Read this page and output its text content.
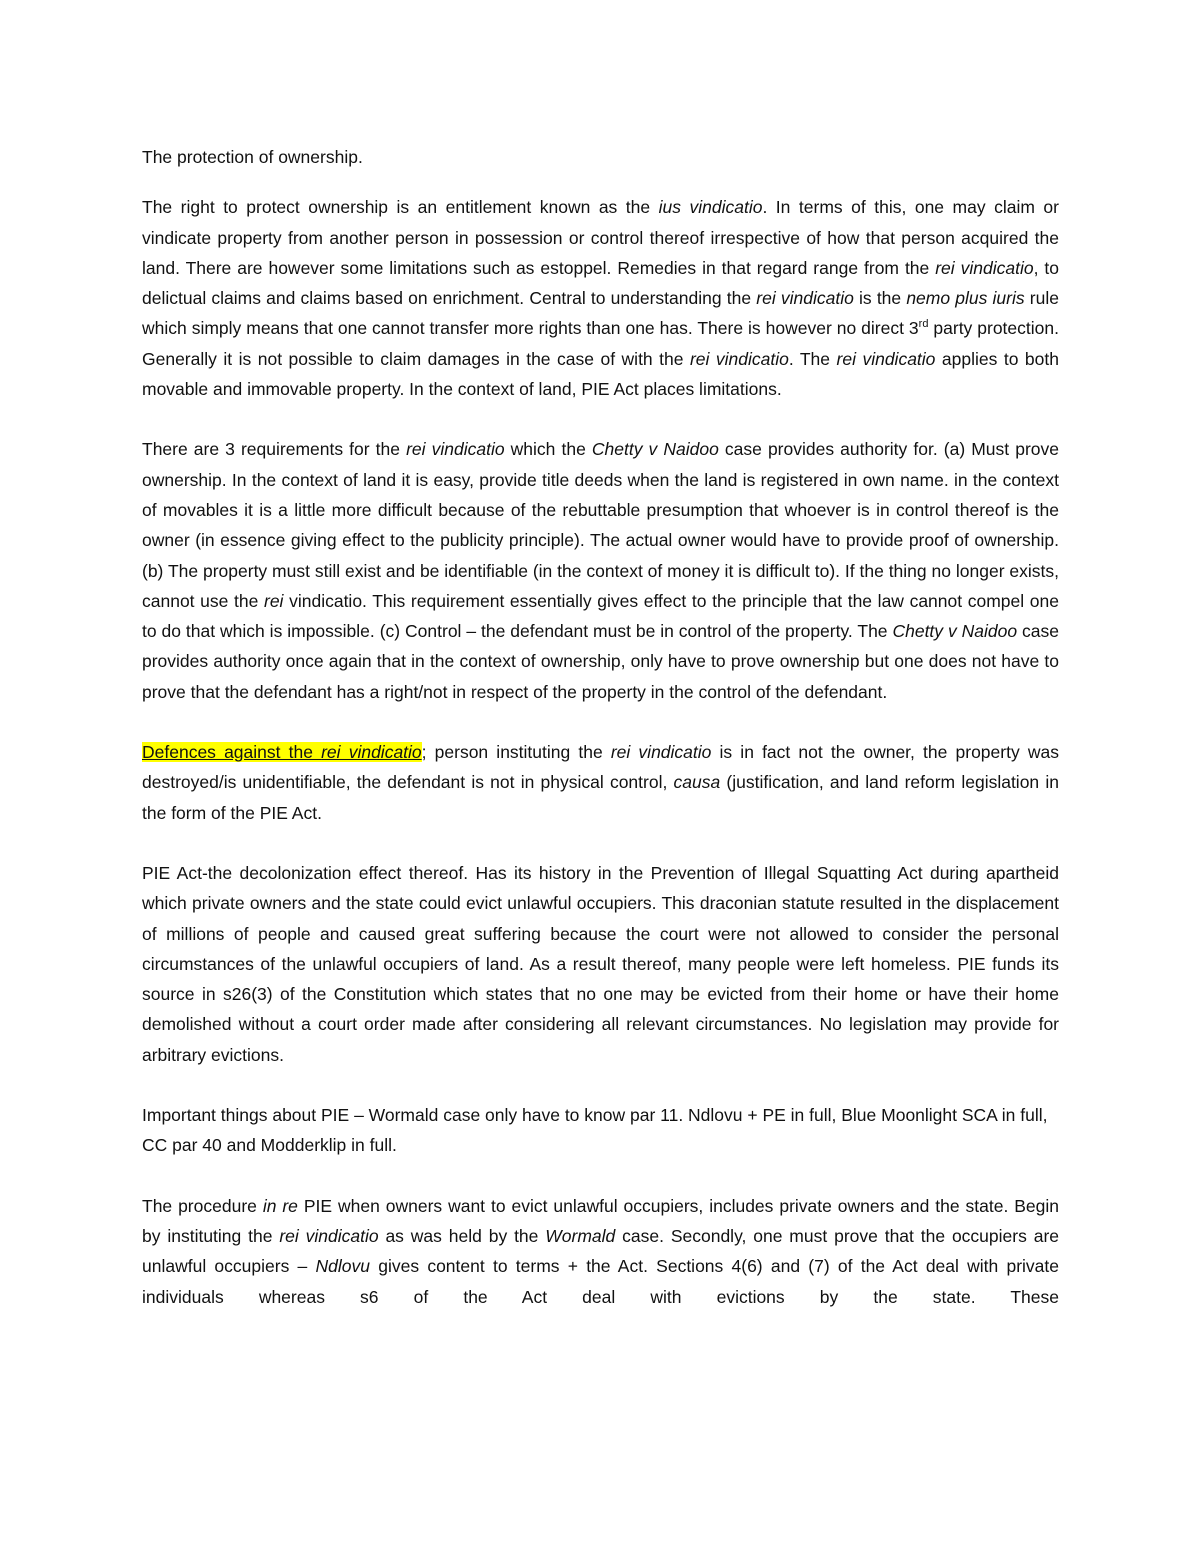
The protection of ownership.

The right to protect ownership is an entitlement known as the ius vindicatio. In terms of this, one may claim or vindicate property from another person in possession or control thereof irrespective of how that person acquired the land. There are however some limitations such as estoppel. Remedies in that regard range from the rei vindicatio, to delictual claims and claims based on enrichment. Central to understanding the rei vindicatio is the nemo plus iuris rule which simply means that one cannot transfer more rights than one has. There is however no direct 3rd party protection. Generally it is not possible to claim damages in the case of with the rei vindicatio. The rei vindicatio applies to both movable and immovable property. In the context of land, PIE Act places limitations.

There are 3 requirements for the rei vindicatio which the Chetty v Naidoo case provides authority for. (a) Must prove ownership. In the context of land it is easy, provide title deeds when the land is registered in own name. in the context of movables it is a little more difficult because of the rebuttable presumption that whoever is in control thereof is the owner (in essence giving effect to the publicity principle). The actual owner would have to provide proof of ownership. (b) The property must still exist and be identifiable (in the context of money it is difficult to). If the thing no longer exists, cannot use the rei vindicatio. This requirement essentially gives effect to the principle that the law cannot compel one to do that which is impossible. (c) Control – the defendant must be in control of the property. The Chetty v Naidoo case provides authority once again that in the context of ownership, only have to prove ownership but one does not have to prove that the defendant has a right/not in respect of the property in the control of the defendant.

Defences against the rei vindicatio; person instituting the rei vindicatio is in fact not the owner, the property was destroyed/is unidentifiable, the defendant is not in physical control, causa (justification, and land reform legislation in the form of the PIE Act.

PIE Act-the decolonization effect thereof. Has its history in the Prevention of Illegal Squatting Act during apartheid which private owners and the state could evict unlawful occupiers. This draconian statute resulted in the displacement of millions of people and caused great suffering because the court were not allowed to consider the personal circumstances of the unlawful occupiers of land. As a result thereof, many people were left homeless. PIE funds its source in s26(3) of the Constitution which states that no one may be evicted from their home or have their home demolished without a court order made after considering all relevant circumstances. No legislation may provide for arbitrary evictions.

Important things about PIE – Wormald case only have to know par 11. Ndlovu + PE in full, Blue Moonlight SCA in full, CC par 40 and Modderklip in full.

The procedure in re PIE when owners want to evict unlawful occupiers, includes private owners and the state. Begin by instituting the rei vindicatio as was held by the Wormald case. Secondly, one must prove that the occupiers are unlawful occupiers – Ndlovu gives content to terms + the Act. Sections 4(6) and (7) of the Act deal with private individuals whereas s6 of the Act deal with evictions by the state. These
